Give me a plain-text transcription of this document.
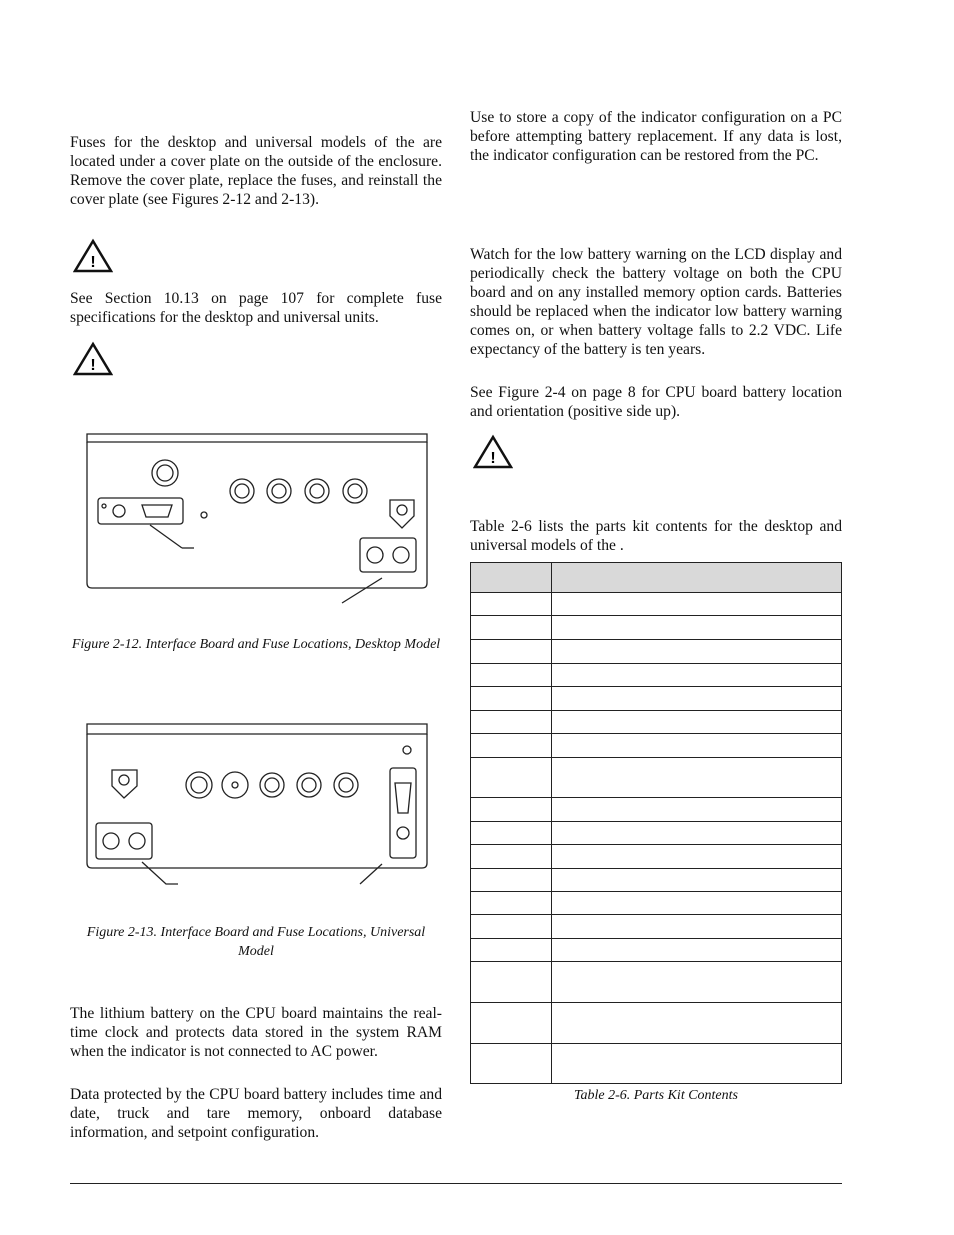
Fuses for the desktop and universal models of the are located under a cover plate on the outside of the enclosure. Remove the cover plate, replace the fuses, and reinstall the cover plate (see Figures 2-12 and 2-13).

!

See Section 10.13 on page 107 for complete fuse specifications for the desktop and universal units.

!

Figure 2-12. Interface Board and Fuse Locations, Desktop Model

Figure 2-13. Interface Board and Fuse Locations, Universal Model

The lithium battery on the CPU board maintains the real-time clock and protects data stored in the system RAM when the indicator is not connected to AC power.

Data protected by the CPU board battery includes time and date, truck and tare memory, onboard database information, and setpoint configuration.

Use to store a copy of the indicator configuration on a PC before attempting battery replacement. If any data is lost, the indicator configuration can be restored from the PC.

Watch for the low battery warning on the LCD display and periodically check the battery voltage on both the CPU board and on any installed memory option cards. Batteries should be replaced when the indicator low battery warning comes on, or when battery voltage falls to 2.2 VDC. Life expectancy of the battery is ten years.

See Figure 2-4 on page 8 for CPU board battery location and orientation (positive side up).

!

Table 2-6 lists the parts kit contents for the desktop and universal models of the .

Table 2-6. Parts Kit Contents
